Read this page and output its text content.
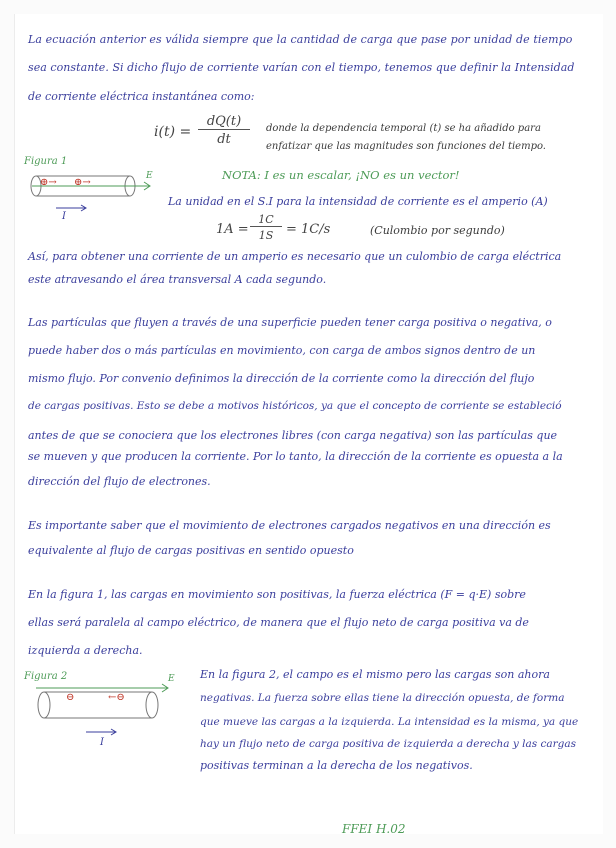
La ecuación anterior es válida siempre que la cantidad de carga que pase por unidad de tiempo
sea constante. Si dicho flujo de corriente varían con el tiempo, tenemos que definir la Intensidad
de corriente eléctrica instantánea como:
$i(t) = \frac{dQ(t)}{dt}$ donde la dependencia temporal (t) se ha añadido para
enfatizar que las magnitudes son funciones del tiempo.
Figura 1
⊕→ ⊕→
E
I
NOTA: I es un escalar, ¡NO es un vector!
La unidad en el S.I para la intensidad de corriente es el amperio (A)
$1A = \frac{1C}{1S} = 1C/s$	(Culombio por segundo)
Así, para obtener una corriente de un amperio es necesario que un culombio de carga eléctrica
este atravesando el área transversal A cada segundo.
Las partículas que fluyen a través de una superficie pueden tener carga positiva o negativa, o
puede haber dos o más partículas en movimiento, con carga de ambos signos dentro de un
mismo flujo. Por convenio definimos la dirección de la corriente como la dirección del flujo
de cargas positivas. Esto se debe a motivos históricos, ya que el concepto de corriente se estableció
antes de que se conociera que los electrones libres (con carga negativa) son las partículas que
se mueven y que producen la corriente. Por lo tanto, la dirección de la corriente es opuesta a la
dirección del flujo de electrones.
Es importante saber que el movimiento de electrones cargados negativos en una dirección es
equivalente al flujo de cargas positivas en sentido opuesto
En la figura 1, las cargas en movimiento son positivas, la fuerza eléctrica (F = q·E) sobre
ellas será paralela al campo eléctrico, de manera que el flujo neto de carga positiva va de
izquierda a derecha.
Figura 2
⊖	←⊖
E
I
En la figura 2, el campo es el mismo pero las cargas son ahora
negativas. La fuerza sobre ellas tiene la dirección opuesta, de forma
que mueve las cargas a la izquierda. La intensidad es la misma, ya que
hay un flujo neto de carga positiva de izquierda a derecha y las cargas
positivas terminan a la derecha de los negativos.
FFEI H.02
